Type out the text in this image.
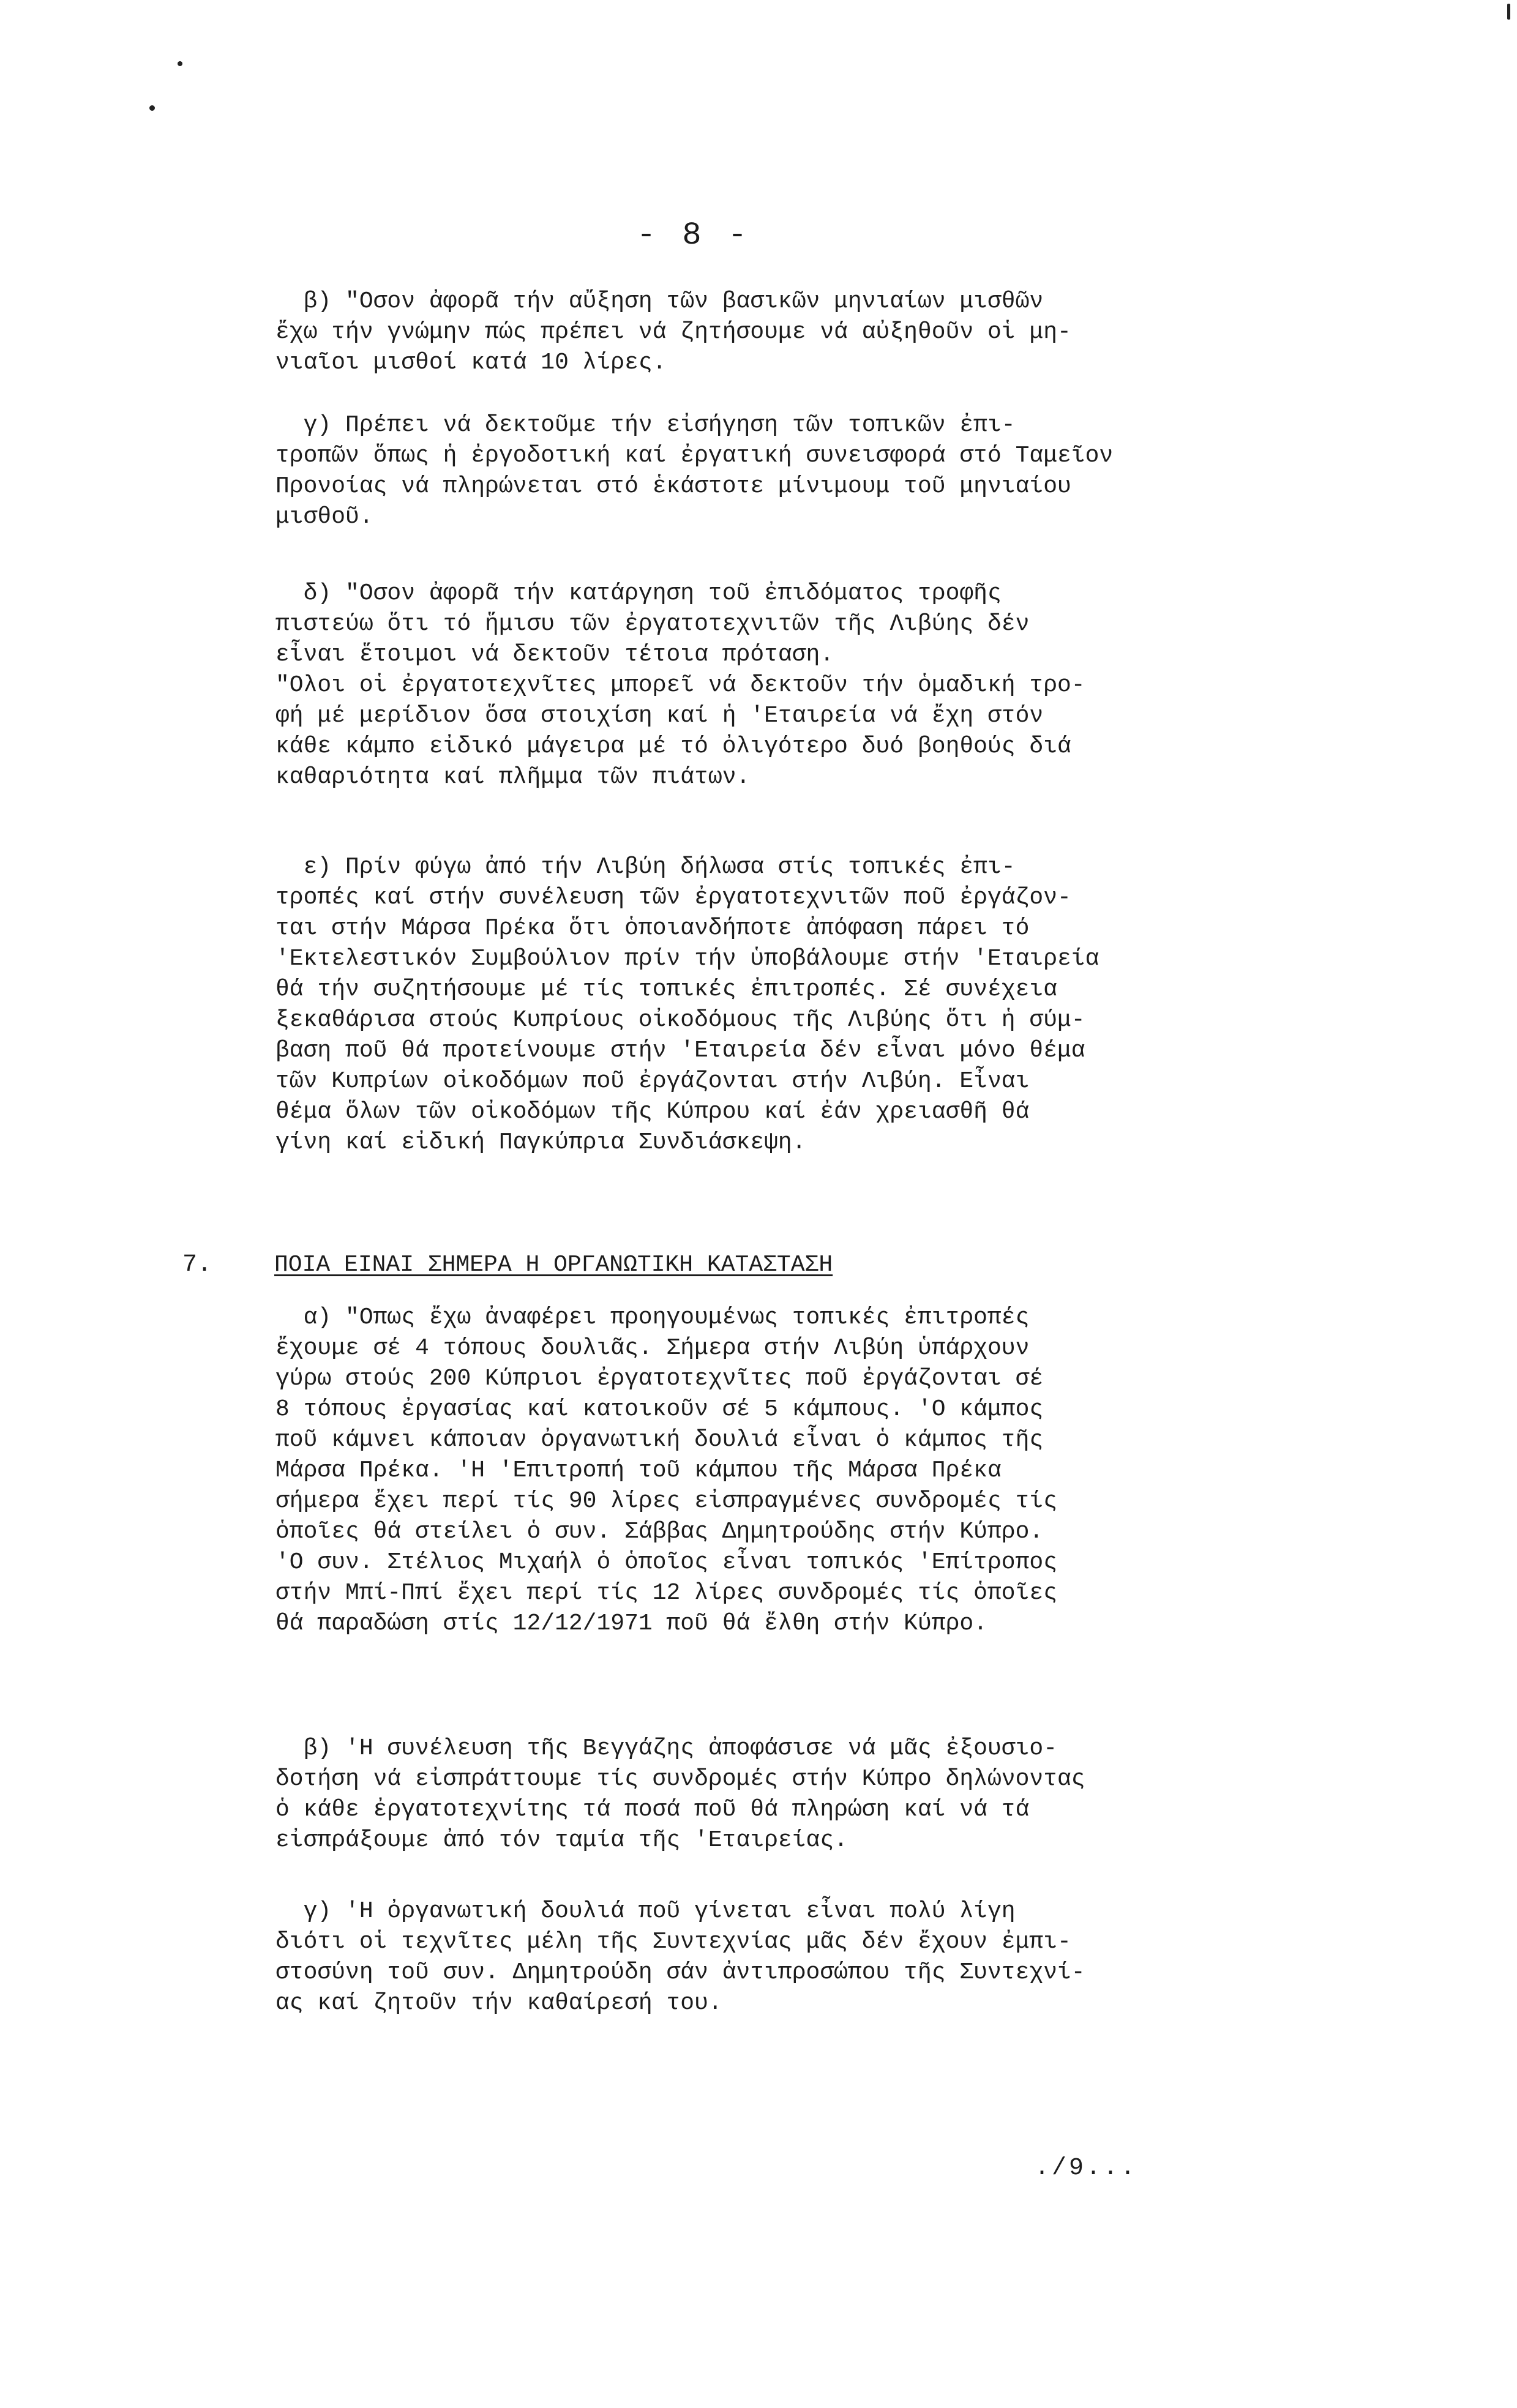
- 8 -
β) "Οσον ἀφορᾶ τήν αὔξηση τῶν βασικῶν μηνιαίων μισθῶν
ἔχω τήν γνώμην πώς πρέπει νά ζητήσουμε νά αὐξηθοῦν οἱ μη-
νιαῖοι μισθοί κατά 10 λίρες.
γ) Πρέπει νά δεκτοῦμε τήν εἰσήγηση τῶν τοπικῶν ἐπι-
τροπῶν ὅπως ἡ ἐργοδοτική καί ἐργατική συνεισφορά στό Ταμεῖον
Προνοίας νά πληρώνεται στό ἑκάστοτε μίνιμουμ τοῦ μηνιαίου
μισθοῦ.
δ) "Οσον ἀφορᾶ τήν κατάργηση τοῦ ἐπιδόματος τροφῆς
πιστεύω ὅτι τό ἥμισυ τῶν ἐργατοτεχνιτῶν τῆς Λιβύης δέν
εἶναι ἕτοιμοι νά δεκτοῦν τέτοια πρόταση.
"Ολοι οἱ ἐργατοτεχνῖτες μπορεῖ νά δεκτοῦν τήν ὁμαδική τρο-
φή μέ μερίδιον ὅσα στοιχίση καί ἡ 'Εταιρεία νά ἔχη στόν
κάθε κάμπο εἰδικό μάγειρα μέ τό ὀλιγότερο δυό βοηθούς διά
καθαριότητα καί πλῆμμα τῶν πιάτων.
ε) Πρίν φύγω ἀπό τήν Λιβύη δήλωσα στίς τοπικές ἐπι-
τροπές καί στήν συνέλευση τῶν ἐργατοτεχνιτῶν ποῦ ἐργάζον-
ται στήν Μάρσα Πρέκα ὅτι ὁποιανδήποτε ἀπόφαση πάρει τό
'Εκτελεστικόν Συμβούλιον πρίν τήν ὑποβάλουμε στήν 'Εταιρεία
θά τήν συζητήσουμε μέ τίς τοπικές ἐπιτροπές. Σέ συνέχεια
ξεκαθάρισα στούς Κυπρίους οἰκοδόμους τῆς Λιβύης ὅτι ἡ σύμ-
βαση ποῦ θά προτείνουμε στήν 'Εταιρεία δέν εἶναι μόνο θέμα
τῶν Κυπρίων οἰκοδόμων ποῦ ἐργάζονται στήν Λιβύη. Εἶναι
θέμα ὅλων τῶν οἰκοδόμων τῆς Κύπρου καί ἐάν χρειασθῆ θά
γίνη καί εἰδική Παγκύπρια Συνδιάσκεψη.
7.	ΠΟΙΑ ΕΙΝΑΙ ΣΗΜΕΡΑ Η ΟΡΓΑΝΩΤΙΚΗ ΚΑΤΑΣΤΑΣΗ
α) "Οπως ἔχω ἀναφέρει προηγουμένως τοπικές ἐπιτροπές
ἔχουμε σέ 4 τόπους δουλιᾶς. Σήμερα στήν Λιβύη ὑπάρχουν
γύρω στούς 200 Κύπριοι ἐργατοτεχνῖτες ποῦ ἐργάζονται σέ
8 τόπους ἐργασίας καί κατοικοῦν σέ 5 κάμπους. 'Ο κάμπος
ποῦ κάμνει κάποιαν ὀργανωτική δουλιά εἶναι ὁ κάμπος τῆς
Μάρσα Πρέκα. 'Η 'Επιτροπή τοῦ κάμπου τῆς Μάρσα Πρέκα
σήμερα ἔχει περί τίς 90 λίρες εἰσπραγμένες συνδρομές τίς
ὁποῖες θά στείλει ὁ συν. Σάββας Δημητρούδης στήν Κύπρο.
'Ο συν. Στέλιος Μιχαήλ ὁ ὁποῖος εἶναι τοπικός 'Επίτροπος
στήν Μπί-Ππί ἔχει περί τίς 12 λίρες συνδρομές τίς ὁποῖες
θά παραδώση στίς 12/12/1971 ποῦ θά ἔλθη στήν Κύπρο.
β) 'Η συνέλευση τῆς Βεγγάζης ἀποφάσισε νά μᾶς ἐξουσιο-
δοτήση νά εἰσπράττουμε τίς συνδρομές στήν Κύπρο δηλώνοντας
ὁ κάθε ἐργατοτεχνίτης τά ποσά ποῦ θά πληρώση καί νά τά
εἰσπράξουμε ἀπό τόν ταμία τῆς 'Εταιρείας.
γ) 'Η ὀργανωτική δουλιά ποῦ γίνεται εἶναι πολύ λίγη
διότι οἱ τεχνῖτες μέλη τῆς Συντεχνίας μᾶς δέν ἔχουν ἐμπι-
στοσύνη τοῦ συν. Δημητρούδη σάν ἀντιπροσώπου τῆς Συντεχνί-
ας καί ζητοῦν τήν καθαίρεσή του.
./9...
